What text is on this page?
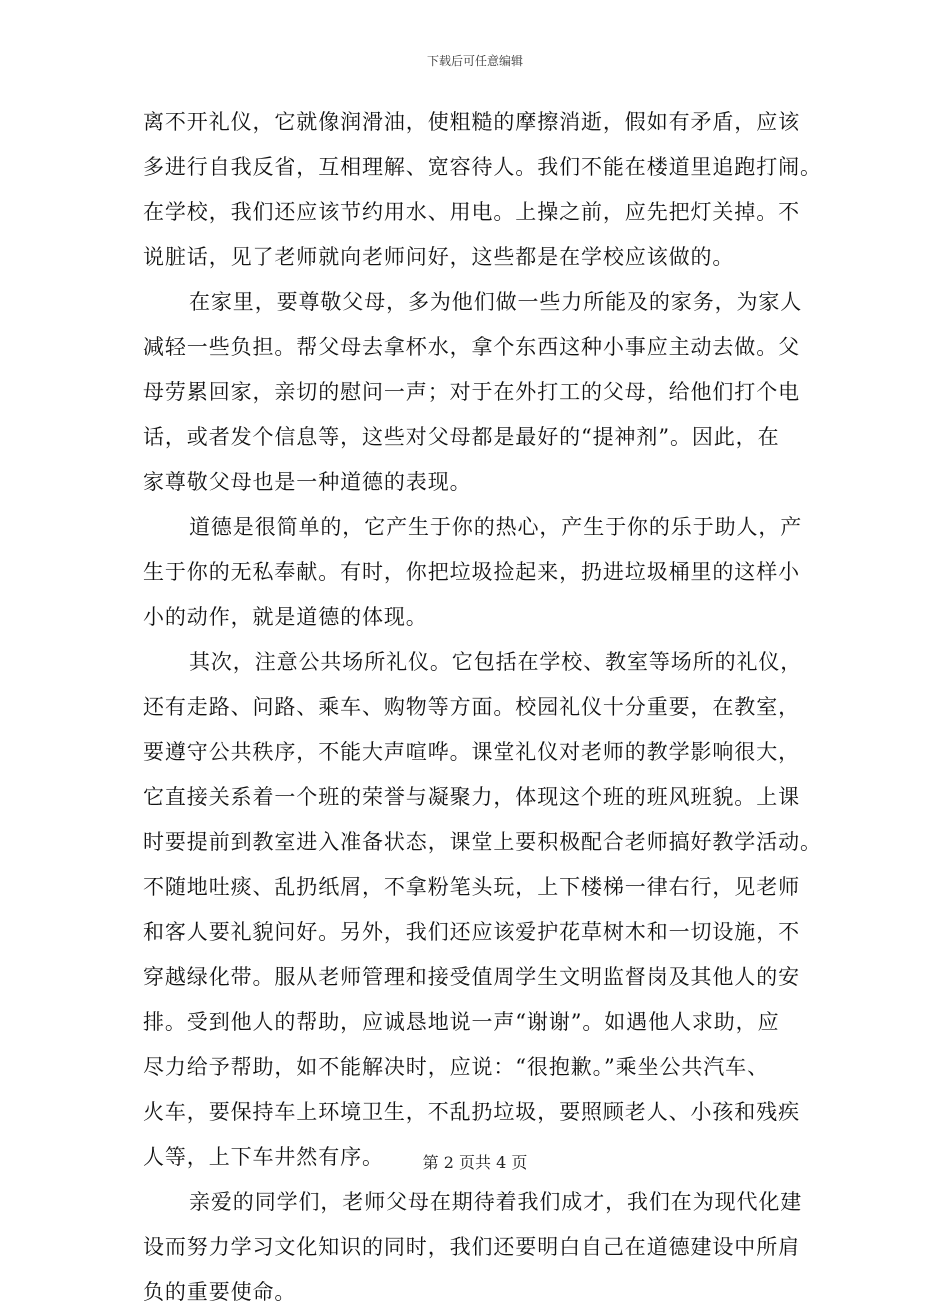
下载后可任意编辑
离不开礼仪，它就像润滑油，使粗糙的摩擦消逝，假如有矛盾，应该
多进行自我反省，互相理解、宽容待人。我们不能在楼道里追跑打闹。
在学校，我们还应该节约用水、用电。上操之前，应先把灯关掉。不
说脏话，见了老师就向老师问好，这些都是在学校应该做的。
在家里，要尊敬父母，多为他们做一些力所能及的家务，为家人
减轻一些负担。帮父母去拿杯水，拿个东西这种小事应主动去做。父
母劳累回家，亲切的慰问一声；对于在外打工的父母，给他们打个电
话，或者发个信息等，这些对父母都是最好的“提神剂”。因此，在
家尊敬父母也是一种道德的表现。
道德是很简单的，它产生于你的热心，产生于你的乐于助人，产
生于你的无私奉献。有时，你把垃圾捡起来，扔进垃圾桶里的这样小
小的动作，就是道德的体现。
其次，注意公共场所礼仪。它包括在学校、教室等场所的礼仪，
还有走路、问路、乘车、购物等方面。校园礼仪十分重要，在教室，
要遵守公共秩序，不能大声喧哗。课堂礼仪对老师的教学影响很大，
它直接关系着一个班的荣誉与凝聚力，体现这个班的班风班貌。上课
时要提前到教室进入准备状态，课堂上要积极配合老师搞好教学活动。
不随地吐痰、乱扔纸屑，不拿粉笔头玩，上下楼梯一律右行，见老师
和客人要礼貌问好。另外，我们还应该爱护花草树木和一切设施，不
穿越绿化带。服从老师管理和接受值周学生文明监督岗及其他人的安
排。受到他人的帮助，应诚恳地说一声“谢谢”。如遇他人求助，应
尽力给予帮助，如不能解决时，应说：“很抱歉。”乘坐公共汽车、
火车，要保持车上环境卫生，不乱扔垃圾，要照顾老人、小孩和残疾
人等，上下车井然有序。
亲爱的同学们，老师父母在期待着我们成才，我们在为现代化建
设而努力学习文化知识的同时，我们还要明白自己在道德建设中所肩
负的重要使命。
第 2 页共 4 页
